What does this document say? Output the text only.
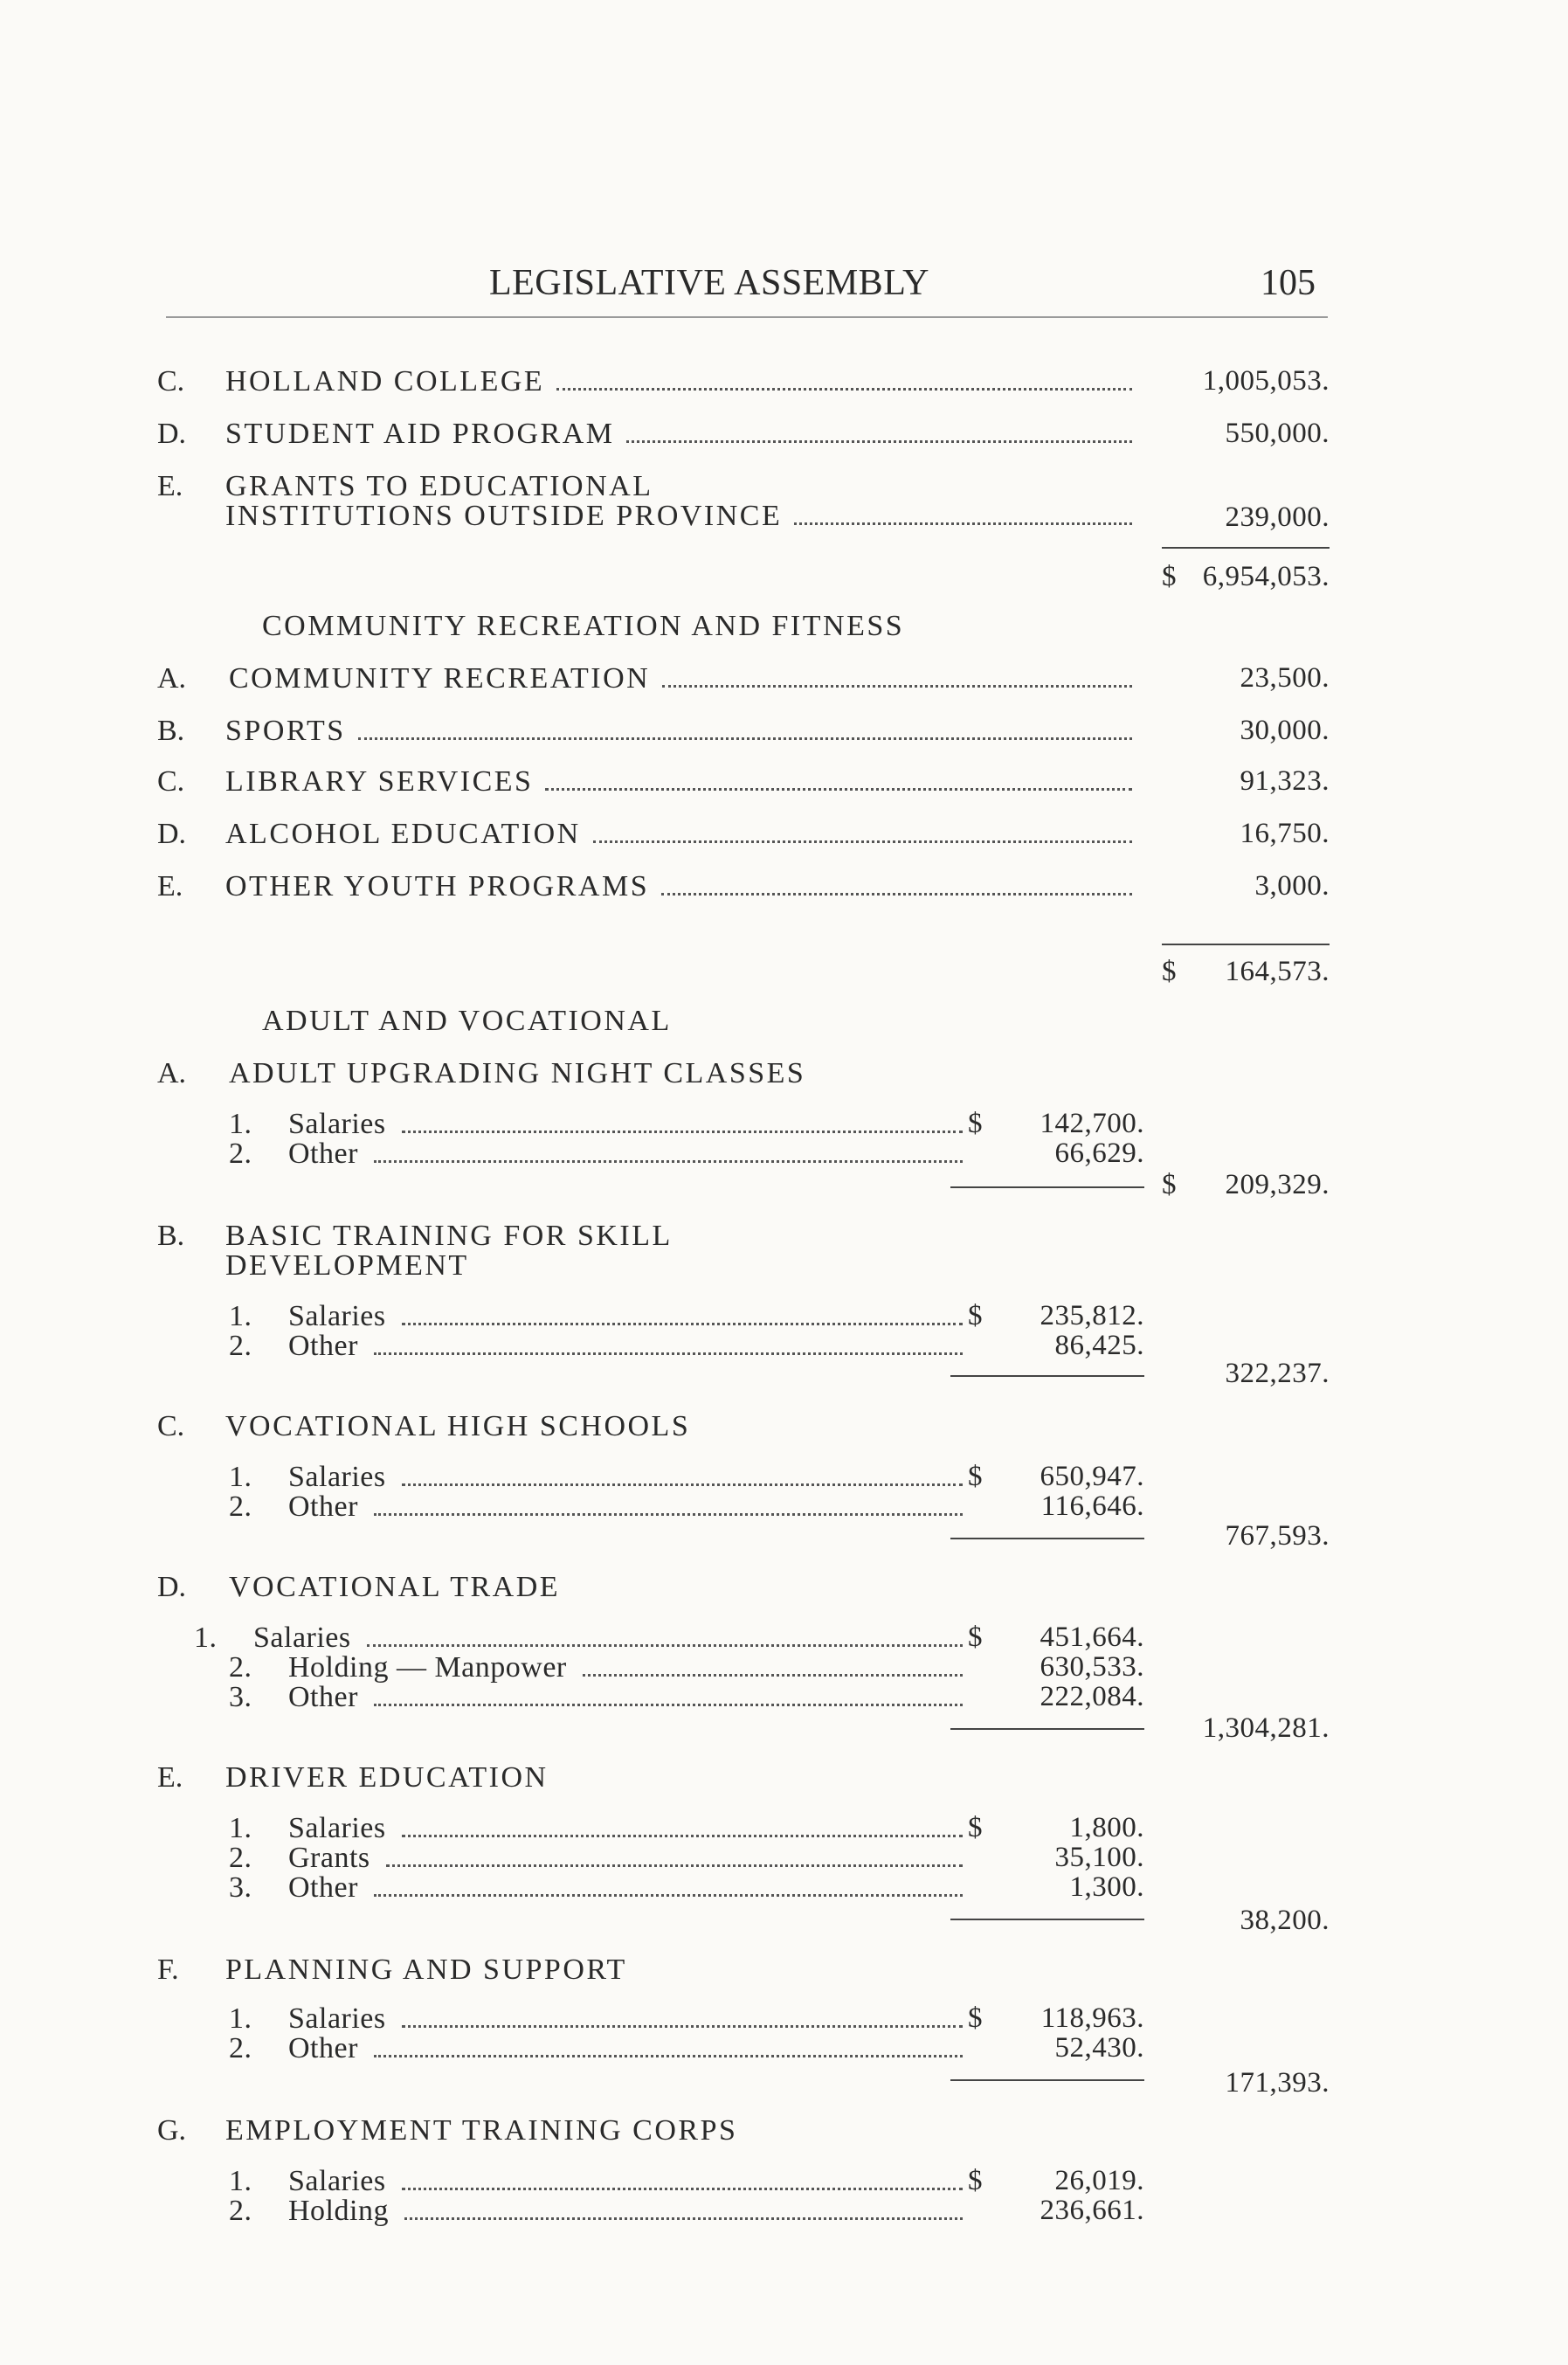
LEGISLATIVE ASSEMBLY	105
C. HOLLAND COLLEGE	1,005,053.
D. STUDENT AID PROGRAM	550,000.
E. GRANTS TO EDUCATIONAL
INSTITUTIONS OUTSIDE PROVINCE	239,000.
$ 6,954,053.
COMMUNITY RECREATION AND FITNESS
A. COMMUNITY RECREATION	23,500.
B. SPORTS	30,000.
C. LIBRARY SERVICES	91,323.
D. ALCOHOL EDUCATION	16,750.
E. OTHER YOUTH PROGRAMS	3,000.
$	164,573.
ADULT AND VOCATIONAL
A. ADULT UPGRADING NIGHT CLASSES
1.	Salaries	$	142,700.
2.	Other	66,629.
$	209,329.
B. BASIC TRAINING FOR SKILL
DEVELOPMENT
1.	Salaries	$	235,812.
2.	Other	86,425.
322,237.
C. VOCATIONAL HIGH SCHOOLS
1.	Salaries	$	650,947.
2.	Other	116,646.
767,593.
D. VOCATIONAL TRADE
1.	Salaries	$	451,664.
2.	Holding — Manpower	630,533.
3.	Other	222,084.
1,304,281.
E. DRIVER EDUCATION
1.	Salaries	$	1,800.
2.	Grants	35,100.
3.	Other	1,300.
38,200.
F. PLANNING AND SUPPORT
1.	Salaries	$	118,963.
2.	Other	52,430.
171,393.
G. EMPLOYMENT TRAINING CORPS
1.	Salaries	$	26,019.
2.	Holding	236,661.
